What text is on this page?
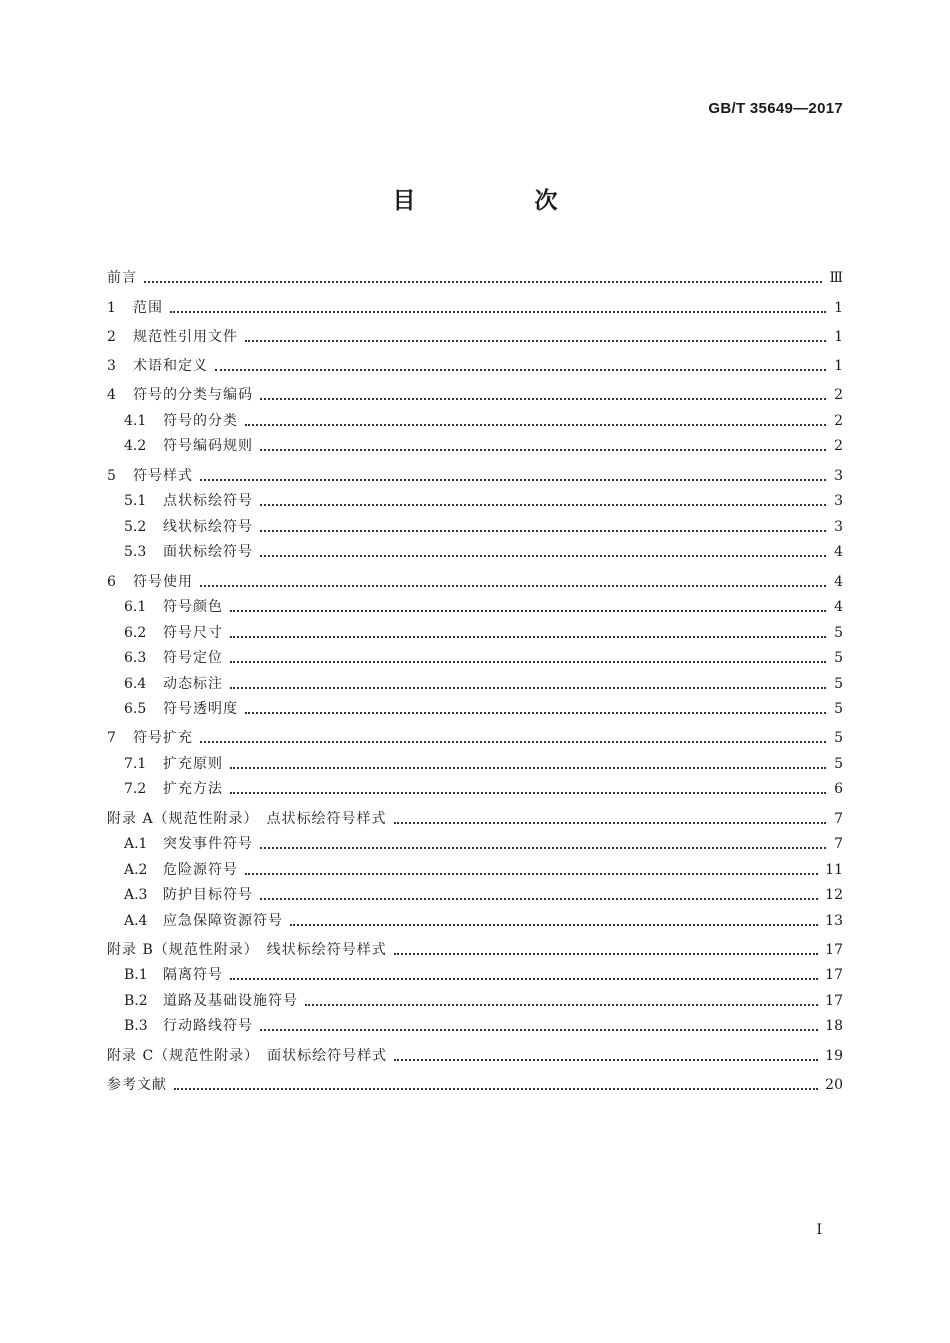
GB/T 35649—2017
目　次
前言	Ⅲ
1	范围	1
2	规范性引用文件	1
3	术语和定义	1
4	符号的分类与编码	2
4.1	符号的分类	2
4.2	符号编码规则	2
5	符号样式	3
5.1	点状标绘符号	3
5.2	线状标绘符号	3
5.3	面状标绘符号	4
6	符号使用	4
6.1	符号颜色	4
6.2	符号尺寸	5
6.3	符号定位	5
6.4	动态标注	5
6.5	符号透明度	5
7	符号扩充	5
7.1	扩充原则	5
7.2	扩充方法	6
附录 A（规范性附录）　点状标绘符号样式	7
A.1	突发事件符号	7
A.2	危险源符号	11
A.3	防护目标符号	12
A.4	应急保障资源符号	13
附录 B（规范性附录）　线状标绘符号样式	17
B.1	隔离符号	17
B.2	道路及基础设施符号	17
B.3	行动路线符号	18
附录 C（规范性附录）　面状标绘符号样式	19
参考文献	20
I
